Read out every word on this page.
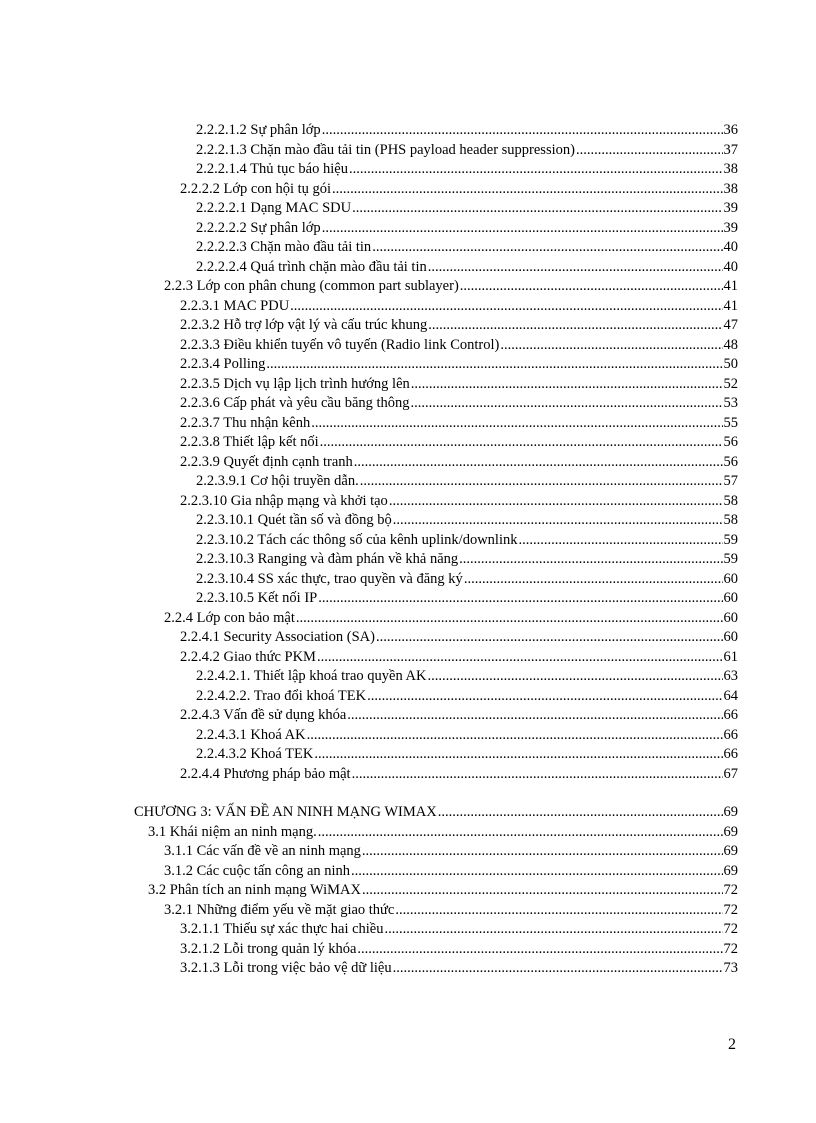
2.2.2.1.2 Sự phân lớp .....	36
2.2.2.1.3 Chặn mào đầu tải tin (PHS payload header suppression) .....	37
2.2.2.1.4 Thủ tục báo hiệu .....	38
2.2.2.2 Lớp con hội tụ gói .....	38
2.2.2.2.1 Dạng MAC SDU .....	39
2.2.2.2.2 Sự phân lớp .....	39
2.2.2.2.3 Chặn mào đầu tải tin .....	40
2.2.2.2.4 Quá trình chặn mào đầu tải tin .....	40
2.2.3 Lớp con phân chung (common part sublayer) .....	41
2.2.3.1 MAC PDU .....	41
2.2.3.2 Hỗ trợ lớp vật lý và cấu trúc khung .....	47
2.2.3.3 Điều khiển tuyến vô tuyến (Radio link Control) .....	48
2.2.3.4 Polling .....	50
2.2.3.5 Dịch vụ lập lịch trình hướng lên .....	52
2.2.3.6 Cấp phát và yêu cầu băng thông .....	53
2.2.3.7 Thu nhận kênh .....	55
2.2.3.8 Thiết lập kết nối .....	56
2.2.3.9 Quyết định cạnh tranh .....	56
2.2.3.9.1 Cơ hội truyền dẫn. .....	57
2.2.3.10 Gia nhập mạng và khởi tạo .....	58
2.2.3.10.1 Quét tần số và đồng bộ .....	58
2.2.3.10.2 Tách các thông số của kênh uplink/downlink .....	59
2.2.3.10.3 Ranging và đàm phán về khả năng .....	59
2.2.3.10.4 SS xác thực, trao quyền và đăng ký .....	60
2.2.3.10.5 Kết nối IP .....	60
2.2.4 Lớp con bảo mật .....	60
2.2.4.1 Security Association (SA) .....	60
2.2.4.2 Giao thức PKM .....	61
2.2.4.2.1. Thiết lập khoá trao quyền AK .....	63
2.2.4.2.2. Trao đổi khoá TEK .....	64
2.2.4.3 Vấn đề sử dụng khóa .....	66
2.2.4.3.1 Khoá AK .....	66
2.2.4.3.2 Khoá TEK .....	66
2.2.4.4 Phương pháp bảo mật .....	67
CHƯƠNG 3: VẤN ĐỀ AN NINH MẠNG WIMAX .....	69
3.1 Khái niệm an ninh mạng. .....	69
3.1.1 Các vấn đề về an ninh mạng .....	69
3.1.2 Các cuộc tấn công an ninh .....	69
3.2 Phân tích an ninh mạng WiMAX .....	72
3.2.1 Những điểm yếu về mặt giao thức .....	72
3.2.1.1 Thiếu sự xác thực hai chiều .....	72
3.2.1.2 Lỗi trong quản lý khóa .....	72
3.2.1.3 Lỗi trong việc bảo vệ dữ liệu .....	73
2
